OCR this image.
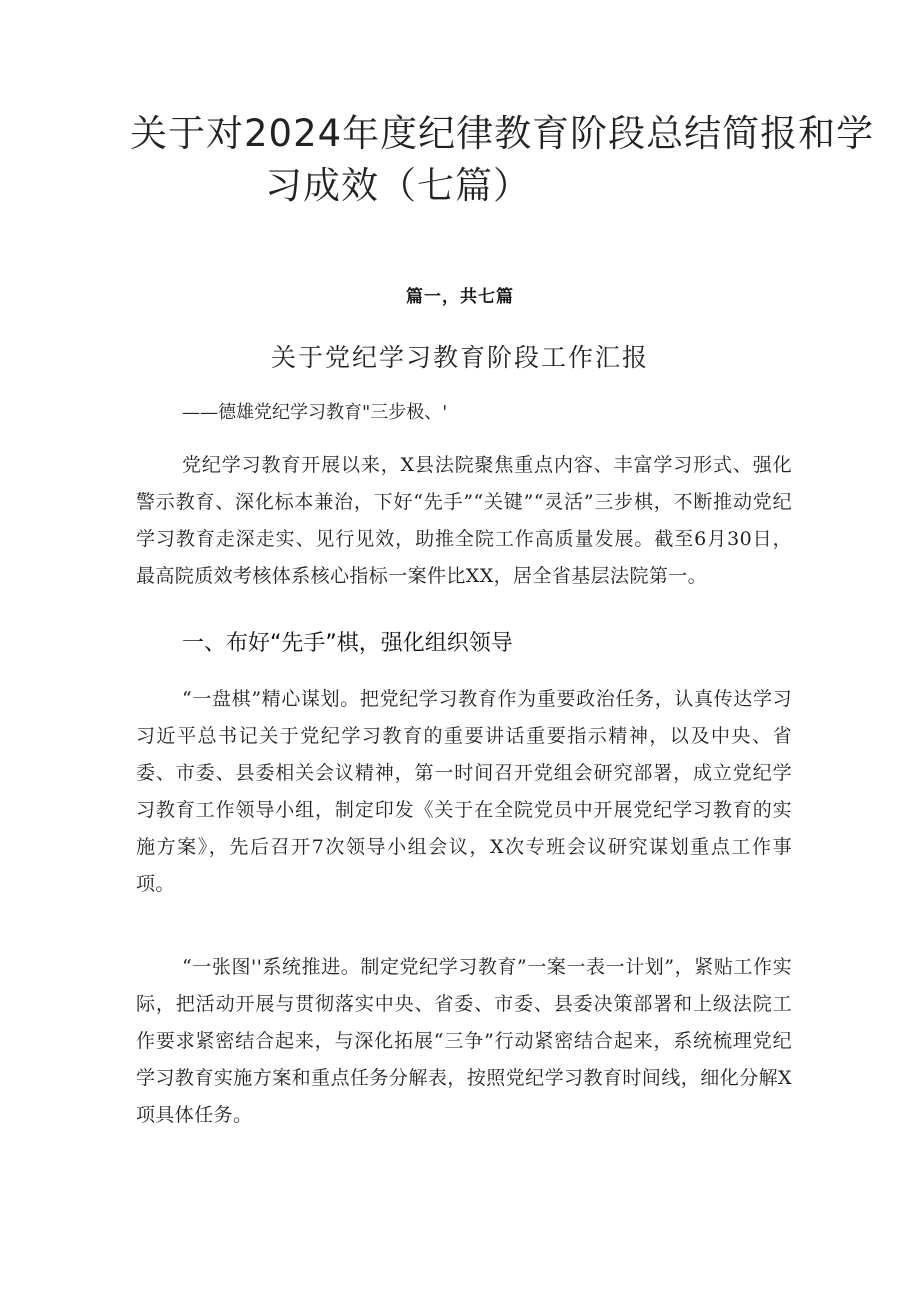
关于对2024年度纪律教育阶段总结简报和学
习成效（七篇）
篇一，共七篇
关于党纪学习教育阶段工作汇报
——德雄党纪学习教育"三步极、'
党纪学习教育开展以来，X县法院聚焦重点内容、丰富学习形式、强化警示教育、深化标本兼治，下好“先手”“关键”“灵活”三步棋，不断推动党纪学习教育走深走实、见行见效，助推全院工作高质量发展。截至6月30日，最高院质效考核体系核心指标一案件比XX，居全省基层法院第一。
一、布好“先手”棋，强化组织领导
“一盘棋”精心谋划。把党纪学习教育作为重要政治任务，认真传达学习习近平总书记关于党纪学习教育的重要讲话重要指示精神，以及中央、省委、市委、县委相关会议精神，第一时间召开党组会研究部署，成立党纪学习教育工作领导小组，制定印发《关于在全院党员中开展党纪学习教育的实施方案》，先后召开7次领导小组会议，X次专班会议研究谋划重点工作事项。
“一张图''系统推进。制定党纪学习教育”一案一表一计划”，紧贴工作实际，把活动开展与贯彻落实中央、省委、市委、县委决策部署和上级法院工作要求紧密结合起来，与深化拓展“三争”行动紧密结合起来，系统梳理党纪学习教育实施方案和重点任务分解表，按照党纪学习教育时间线，细化分解X项具体任务。
